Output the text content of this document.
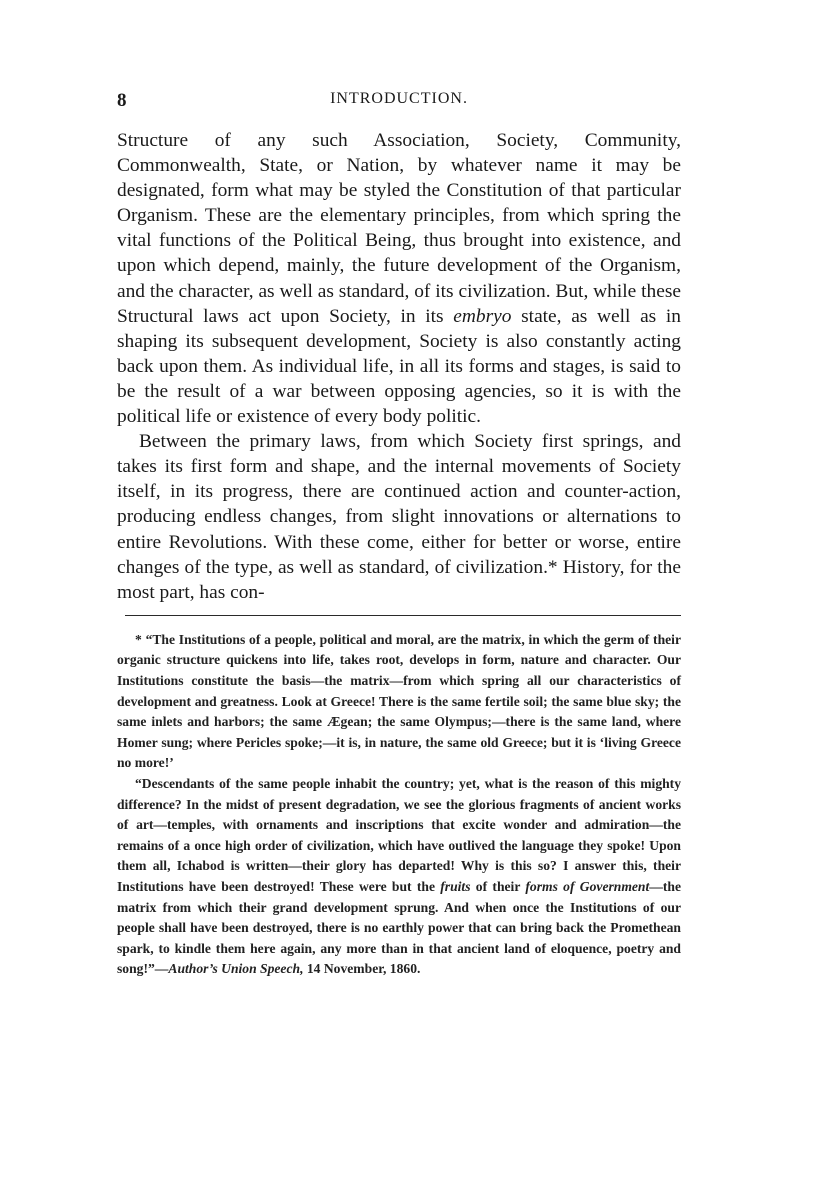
8	INTRODUCTION.

Structure of any such Association, Society, Community, Commonwealth, State, or Nation, by whatever name it may be designated, form what may be styled the Constitution of that particular Organism. These are the elementary principles, from which spring the vital functions of the Political Being, thus brought into existence, and upon which depend, mainly, the future development of the Organism, and the character, as well as standard, of its civilization. But, while these Structural laws act upon Society, in its embryo state, as well as in shaping its subsequent development, Society is also constantly acting back upon them. As individual life, in all its forms and stages, is said to be the result of a war between opposing agencies, so it is with the political life or existence of every body politic.

Between the primary laws, from which Society first springs, and takes its first form and shape, and the internal movements of Society itself, in its progress, there are continued action and counter-action, producing endless changes, from slight innovations or alternations to entire Revolutions. With these come, either for better or worse, entire changes of the type, as well as standard, of civilization.* History, for the most part, has con-

* “The Institutions of a people, political and moral, are the matrix, in which the germ of their organic structure quickens into life, takes root, develops in form, nature and character. Our Institutions constitute the basis—the matrix—from which spring all our characteristics of development and greatness. Look at Greece! There is the same fertile soil; the same blue sky; the same inlets and harbors; the same Ægean; the same Olympus;—there is the same land, where Homer sung; where Pericles spoke;—it is, in nature, the same old Greece; but it is ‘living Greece no more!’

“Descendants of the same people inhabit the country; yet, what is the reason of this mighty difference? In the midst of present degradation, we see the glorious fragments of ancient works of art—temples, with ornaments and inscriptions that excite wonder and admiration—the remains of a once high order of civilization, which have outlived the language they spoke! Upon them all, Ichabod is written—their glory has departed! Why is this so? I answer this, their Institutions have been destroyed! These were but the fruits of their forms of Government—the matrix from which their grand development sprung. And when once the Institutions of our people shall have been destroyed, there is no earthly power that can bring back the Promethean spark, to kindle them here again, any more than in that ancient land of eloquence, poetry and song!”—Author’s Union Speech, 14 November, 1860.
